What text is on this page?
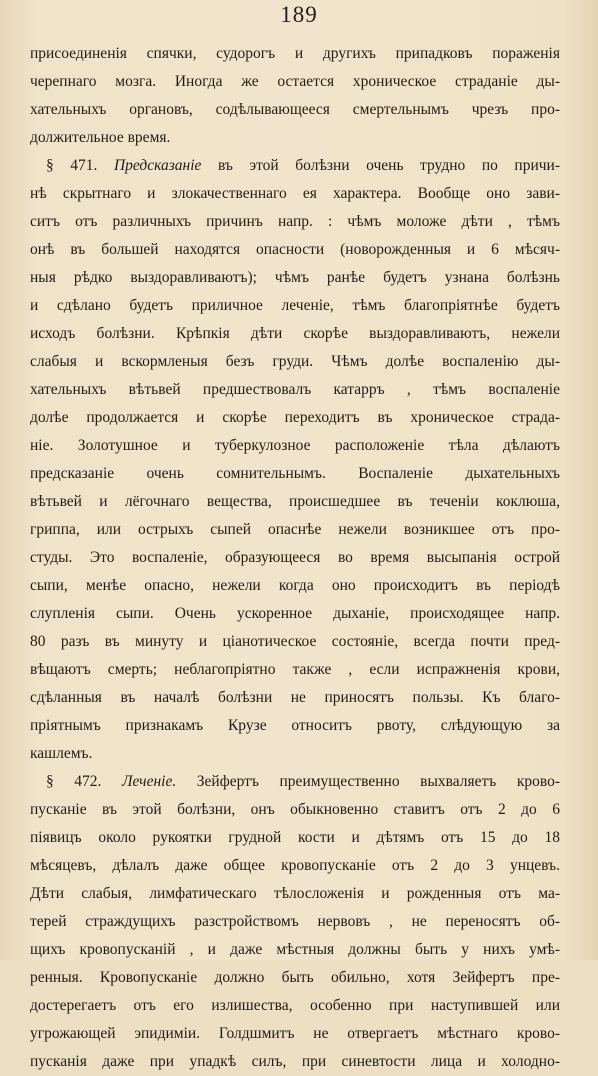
189
присоединенія спячки, судорогъ и другихъ припадковъ пораженія
черепнаго мозга. Иногда же остается хроническое страданіе ды-
хательныхъ органовъ, содѣлывающееся смертельнымъ чрезъ про-
должительное время.
§ 471. Предсказаніе въ этой болѣзни очень трудно по причи-
нѣ скрытнаго и злокачественнаго ея характера. Вообще оно зави-
ситъ отъ различныхъ причинъ напр. : чѣмъ моложе дѣти , тѣмъ
онѣ въ большей находятся опасности (новорожденныя и 6 мѣсяч-
ныя рѣдко выздоравливаютъ); чѣмъ ранѣе будетъ узнана болѣзнь
и сдѣлано будетъ приличное леченіе, тѣмъ благопріятнѣе будетъ
исходъ болѣзни. Крѣпкія дѣти скорѣе выздоравливаютъ, нежели
слабыя и вскормленыя безъ груди. Чѣмъ долѣе воспаленію ды-
хательныхъ вѣтьвей предшествовалъ катарръ , тѣмъ воспаленіе
долѣе продолжается и скорѣе переходитъ въ хроническое страда-
ніе. Золотушное и туберкулозное расположеніе тѣла дѣлаютъ
предсказаніе очень сомнительнымъ. Воспаленіе дыхательныхъ
вѣтьвей и лёгочнаго вещества, происшедшее въ теченіи коклюша,
гриппа, или острыхъ сыпей опаснѣе нежели возникшее отъ про-
студы. Это воспаленіе, образующееся во время высыпанія острой
сыпи, менѣе опасно, нежели когда оно происходитъ въ періодѣ
слупленія сыпи. Очень ускоренное дыханіе, происходящее напр.
80 разъ въ минуту и ціанотическое состояніе, всегда почти пред-
вѣщаютъ смерть; неблагопріятно также , если испражненія крови,
сдѣланныя въ началѣ болѣзни не приносятъ пользы. Къ благо-
пріятнымъ признакамъ Крузе относитъ рвоту, слѣдующую за
кашлемъ.
§ 472. Леченіе. Зейфертъ преимущественно выхваляетъ крово-
пусканіе въ этой болѣзни, онъ обыкновенно ставитъ отъ 2 до 6
піявицъ около рукоятки грудной кости и дѣтямъ отъ 15 до 18
мѣсяцевъ, дѣлалъ даже общее кровопусканіе отъ 2 до 3 унцевъ.
Дѣти слабыя, лимфатическаго тѣлосложенія и рожденныя отъ ма-
терей страждущихъ разстройствомъ нервовъ , не переносятъ об-
щихъ кровопусканій , и даже мѣстныя должны быть у нихъ умѣ-
ренныя. Кровопусканіе должно быть обильно, хотя Зейфертъ пре-
достерегаетъ отъ его излишества, особенно при наступившей или
угрожающей эпидиміи. Голдшмитъ не отвергаетъ мѣстнаго крово-
пусканія даже при упадкѣ силъ, при синевтости лица и холодно-
